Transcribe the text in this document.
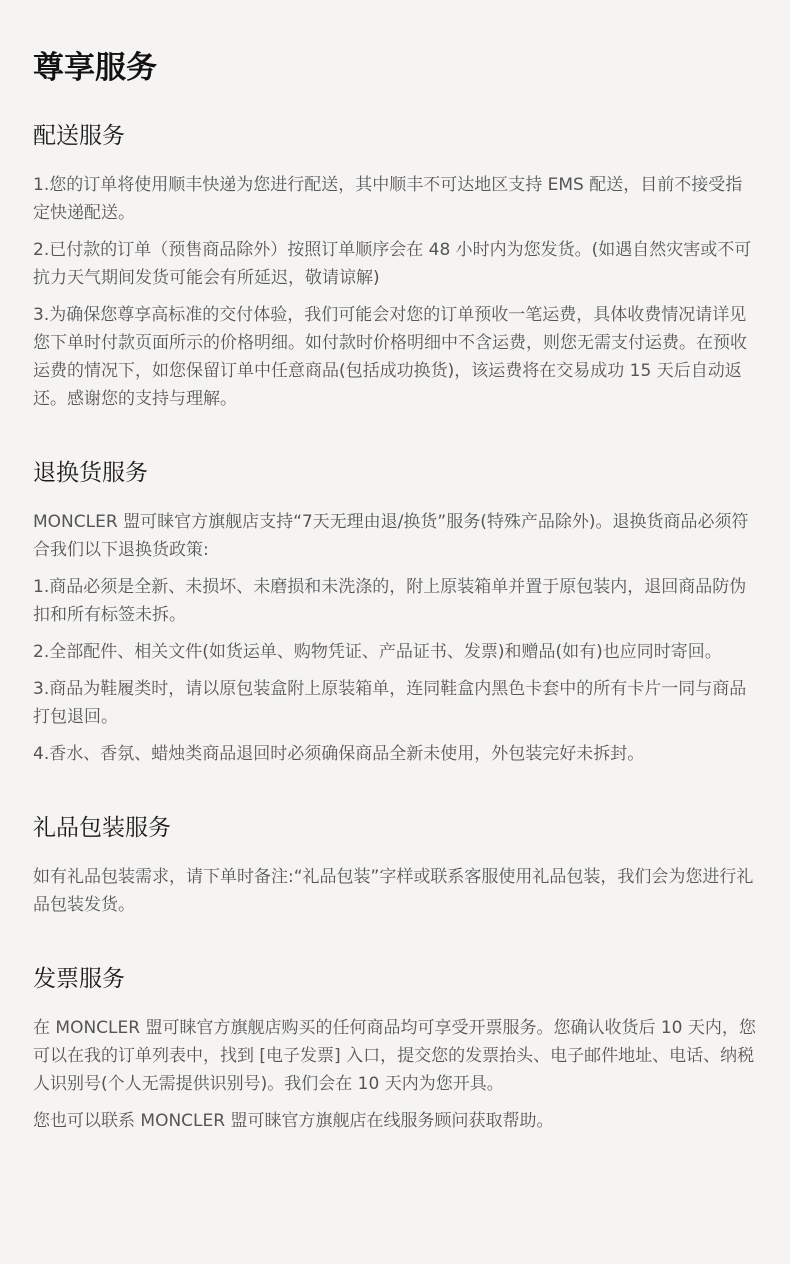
尊享服务
配送服务

1.您的订单将使用顺丰快递为您进行配送，其中顺丰不可达地区支持 EMS 配送，目前不接受指定快递配送。

2.已付款的订单（预售商品除外）按照订单顺序会在 48 小时内为您发货。(如遇自然灾害或不可抗力天气期间发货可能会有所延迟，敬请谅解)

3.为确保您尊享高标准的交付体验，我们可能会对您的订单预收一笔运费，具体收费情况请详见您下单时付款页面所示的价格明细。如付款时价格明细中不含运费，则您无需支付运费。在预收运费的情况下，如您保留订单中任意商品(包括成功换货)，该运费将在交易成功 15 天后自动返还。感谢您的支持与理解。

退换货服务

MONCLER 盟可睐官方旗舰店支持“7天无理由退/换货”服务(特殊产品除外)。退换货商品必须符合我们以下退换货政策:

1.商品必须是全新、未损坏、未磨损和未洗涤的，附上原装箱单并置于原包装内，退回商品防伪扣和所有标签未拆。

2.全部配件、相关文件(如货运单、购物凭证、产品证书、发票)和赠品(如有)也应同时寄回。

3.商品为鞋履类时，请以原包装盒附上原装箱单，连同鞋盒内黑色卡套中的所有卡片一同与商品打包退回。

4.香水、香氛、蜡烛类商品退回时必须确保商品全新未使用，外包装完好未拆封。

礼品包装服务

如有礼品包装需求，请下单时备注:“礼品包装”字样或联系客服使用礼品包装，我们会为您进行礼品包装发货。

发票服务

在 MONCLER 盟可睐官方旗舰店购买的任何商品均可享受开票服务。您确认收货后 10 天内，您可以在我的订单列表中，找到 [电子发票] 入口，提交您的发票抬头、电子邮件地址、电话、纳税人识别号(个人无需提供识别号)。我们会在 10 天内为您开具。

您也可以联系 MONCLER 盟可睐官方旗舰店在线服务顾问获取帮助。
